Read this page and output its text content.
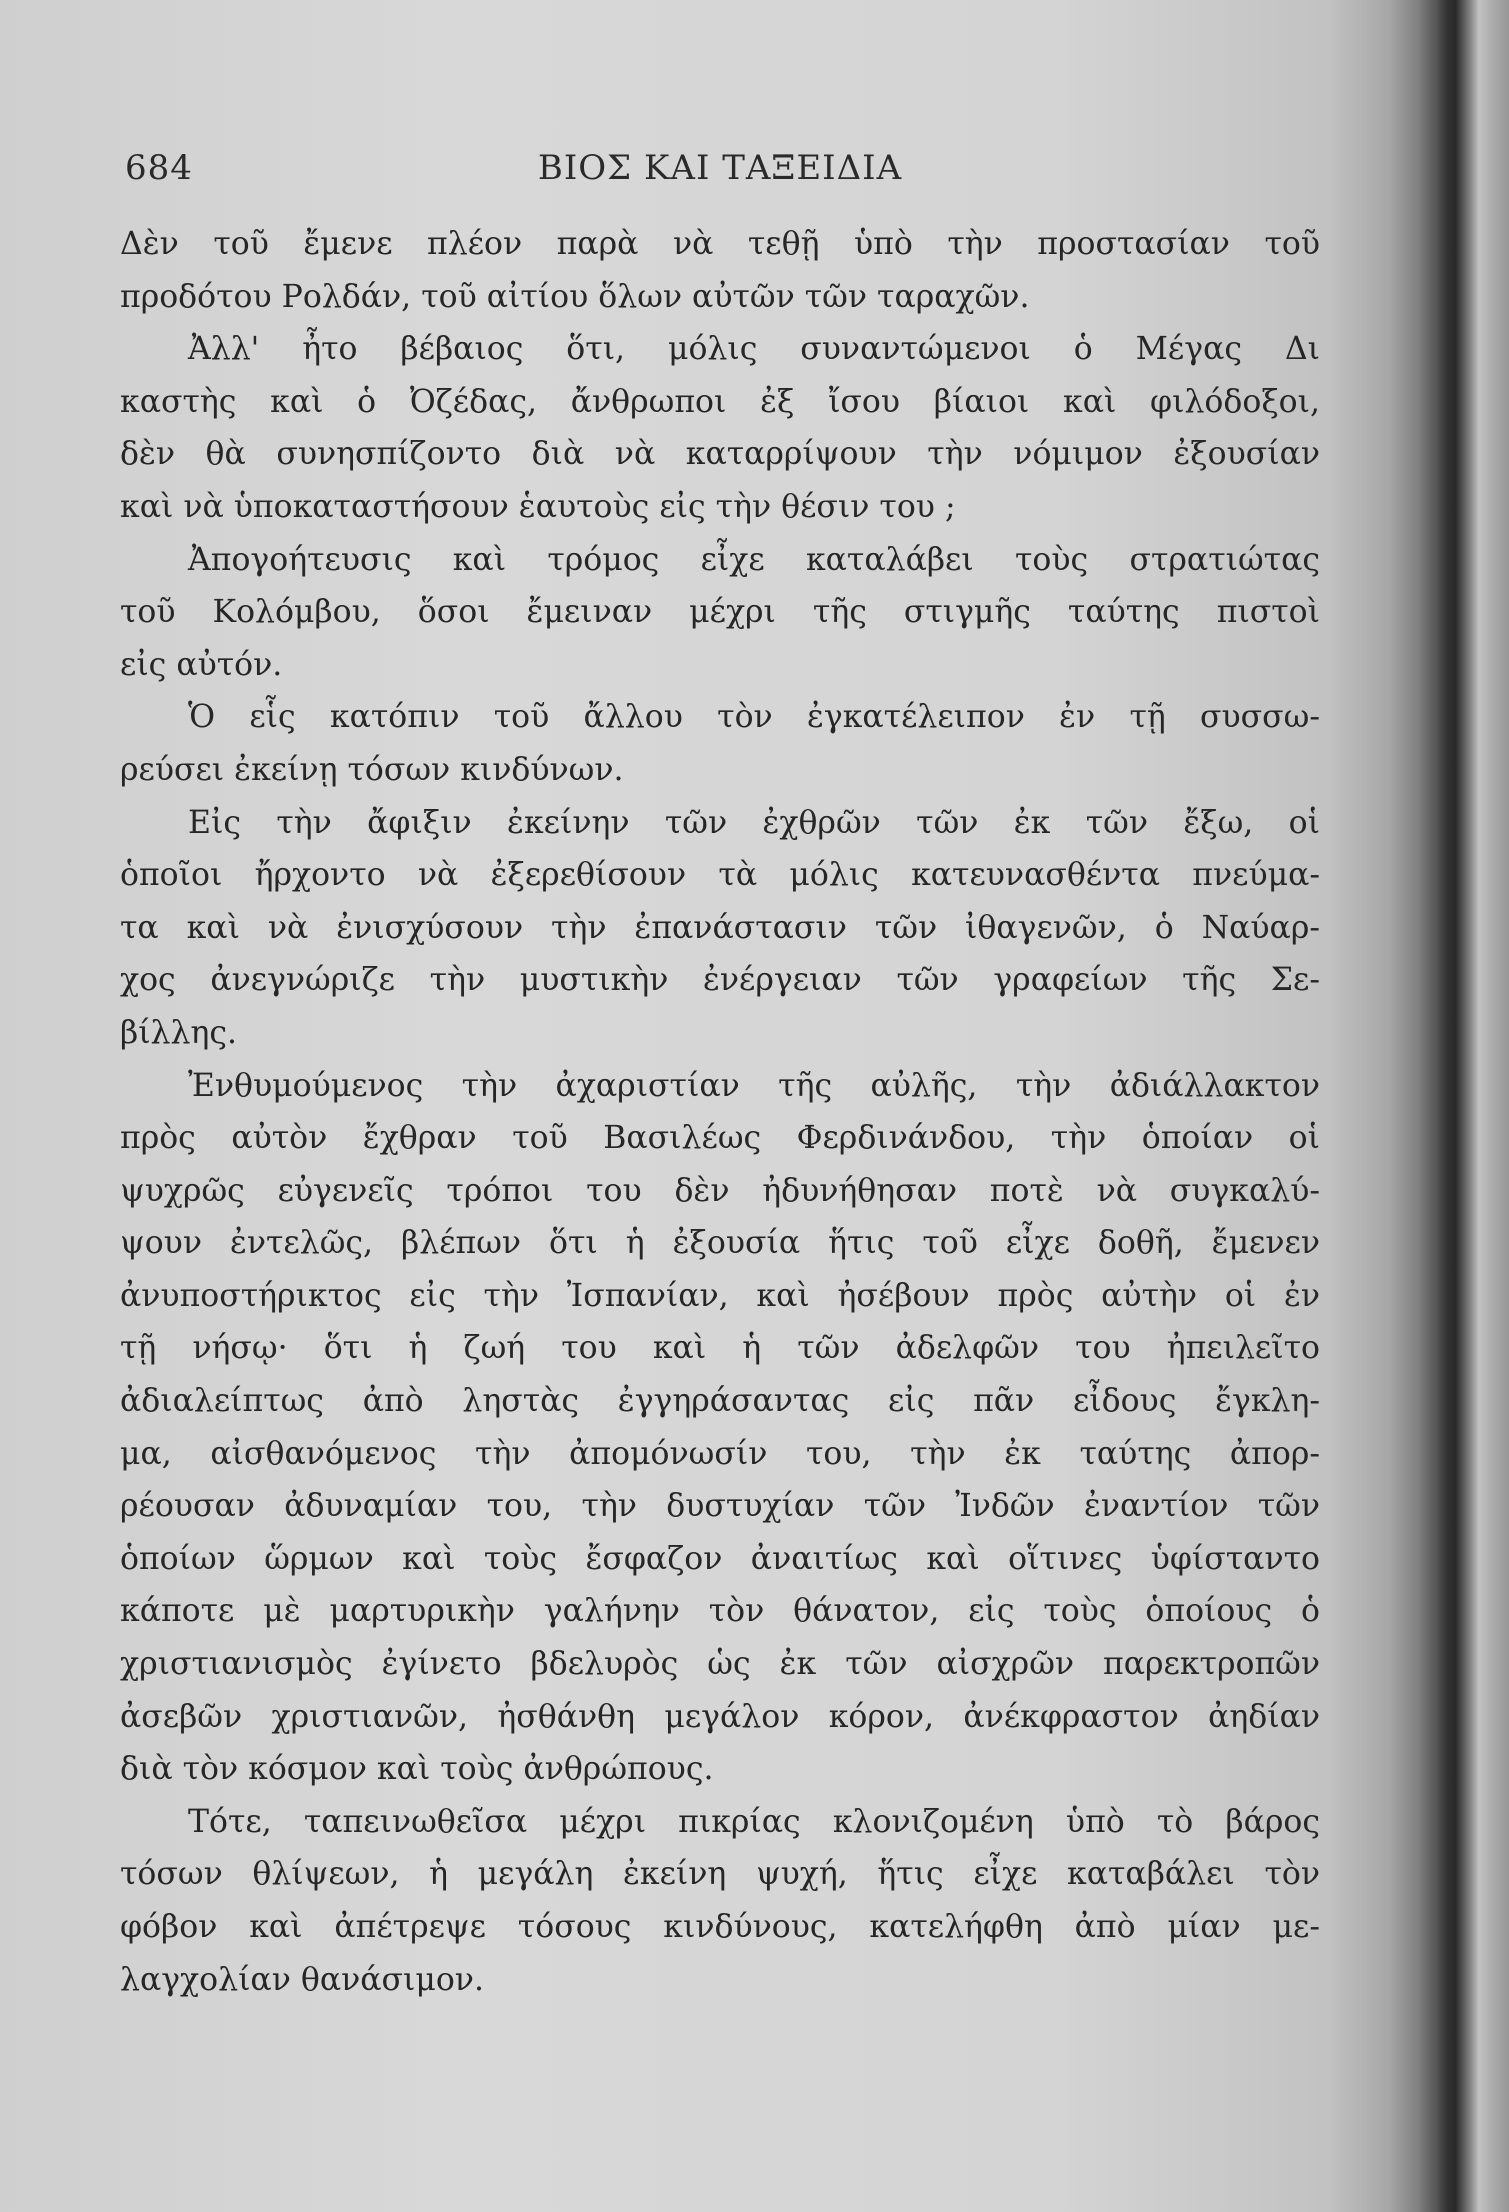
684	ΒΙΟΣ ΚΑΙ ΤΑΞΕΙΔΙΑ
Δὲν τοῦ ἔμενε πλέον παρὰ νὰ τεθῇ ὑπὸ τὴν προστασίαν τοῦ
προδότου Ρολδάν, τοῦ αἰτίου ὅλων αὐτῶν τῶν ταραχῶν.
Ἀλλ' ἦτο βέβαιος ὅτι, μόλις συναντώμενοι ὁ Μέγας Δι
καστὴς καὶ ὁ Ὀζέδας, ἄνθρωποι ἐξ ἴσου βίαιοι καὶ φιλόδοξοι,
δὲν θὰ συνησπίζοντο διὰ νὰ καταρρίψουν τὴν νόμιμον ἐξουσίαν
καὶ νὰ ὑποκαταστήσουν ἑαυτοὺς εἰς τὴν θέσιν του ;
Ἀπογοήτευσις καὶ τρόμος εἶχε καταλάβει τοὺς στρατιώτας
τοῦ Κολόμβου, ὅσοι ἔμειναν μέχρι τῆς στιγμῆς ταύτης πιστοὶ
εἰς αὐτόν.
Ὁ εἷς κατόπιν τοῦ ἄλλου τὸν ἐγκατέλειπον ἐν τῇ συσσω-
ρεύσει ἐκείνῃ τόσων κινδύνων.
Εἰς τὴν ἄφιξιν ἐκείνην τῶν ἐχθρῶν τῶν ἐκ τῶν ἔξω, οἱ
ὁποῖοι ἤρχοντο νὰ ἐξερεθίσουν τὰ μόλις κατευνασθέντα πνεύμα-
τα καὶ νὰ ἐνισχύσουν τὴν ἐπανάστασιν τῶν ἰθαγενῶν, ὁ Ναύαρ-
χος ἀνεγνώριζε τὴν μυστικὴν ἐνέργειαν τῶν γραφείων τῆς Σε-
βίλλης.
Ἐνθυμούμενος τὴν ἀχαριστίαν τῆς αὐλῆς, τὴν ἀδιάλλακτον
πρὸς αὐτὸν ἔχθραν τοῦ Βασιλέως Φερδινάνδου, τὴν ὁποίαν οἱ
ψυχρῶς εὐγενεῖς τρόποι του δὲν ἠδυνήθησαν ποτὲ νὰ συγκαλύ-
ψουν ἐντελῶς, βλέπων ὅτι ἡ ἐξουσία ἥτις τοῦ εἶχε δοθῆ, ἔμενεν
ἀνυποστήρικτος εἰς τὴν Ἰσπανίαν, καὶ ἠσέβουν πρὸς αὐτὴν οἱ ἐν
τῇ νήσῳ· ὅτι ἡ ζωή του καὶ ἡ τῶν ἀδελφῶν του ἠπειλεῖτο
ἀδιαλείπτως ἀπὸ ληστὰς ἐγγηράσαντας εἰς πᾶν εἶδους ἔγκλη-
μα, αἰσθανόμενος τὴν ἀπομόνωσίν του, τὴν ἐκ ταύτης ἀπορ-
ρέουσαν ἀδυναμίαν του, τὴν δυστυχίαν τῶν Ἰνδῶν ἐναντίον τῶν
ὁποίων ὥρμων καὶ τοὺς ἔσφαζον ἀναιτίως καὶ οἵτινες ὑφίσταντο
κάποτε μὲ μαρτυρικὴν γαλήνην τὸν θάνατον, εἰς τοὺς ὁποίους ὁ
χριστιανισμὸς ἐγίνετο βδελυρὸς ὡς ἐκ τῶν αἰσχρῶν παρεκτροπῶν
ἀσεβῶν χριστιανῶν, ἠσθάνθη μεγάλον κόρον, ἀνέκφραστον ἀηδίαν
διὰ τὸν κόσμον καὶ τοὺς ἀνθρώπους.
Τότε, ταπεινωθεῖσα μέχρι πικρίας κλονιζομένη ὑπὸ τὸ βάρος
τόσων θλίψεων, ἡ μεγάλη ἐκείνη ψυχή, ἥτις εἶχε καταβάλει τὸν
φόβον καὶ ἀπέτρεψε τόσους κινδύνους, κατελήφθη ἀπὸ μίαν με-
λαγχολίαν θανάσιμον.
